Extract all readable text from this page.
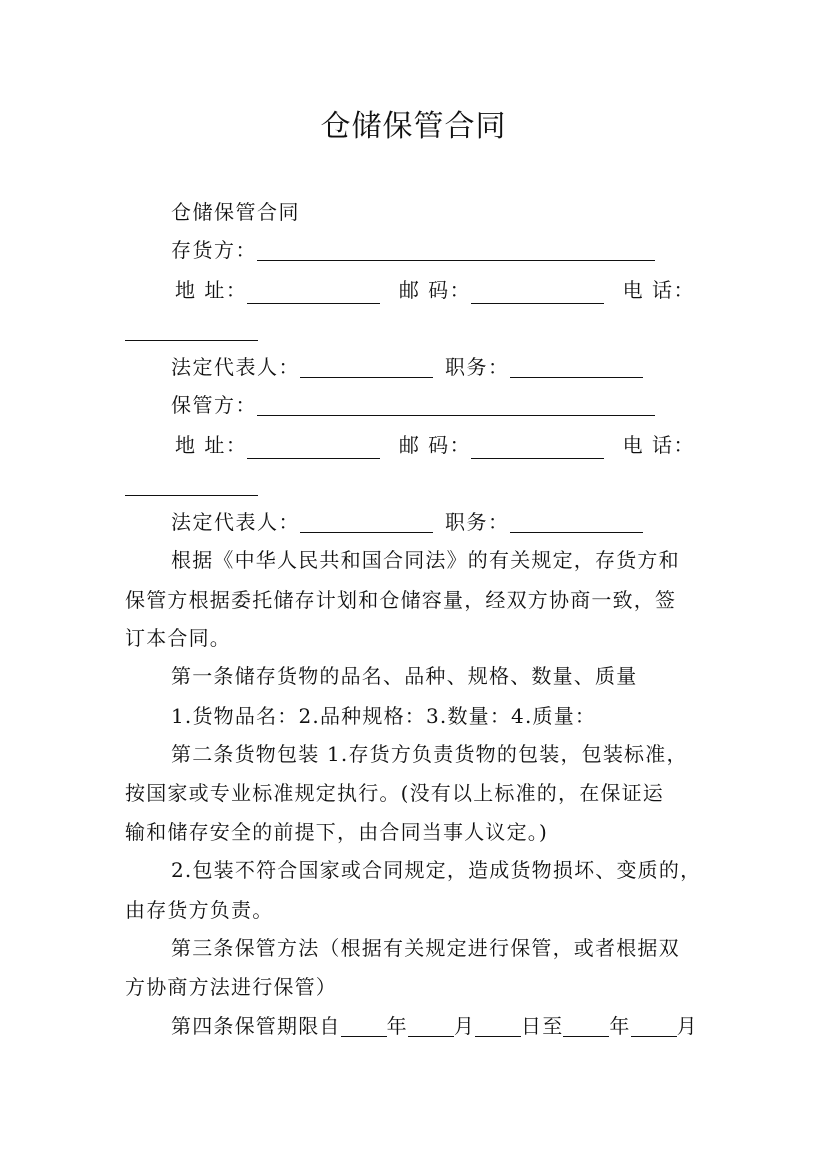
仓储保管合同
仓储保管合同
存货方：
地 址：	邮 码：	电 话：
法定代表人：	职务：
保管方：
地 址：	邮 码：	电 话：
法定代表人：	职务：
根据《中华人民共和国合同法》的有关规定，存货方和
保管方根据委托储存计划和仓储容量，经双方协商一致，签
订本合同。
第一条储存货物的品名、品种、规格、数量、质量
1.货物品名：2.品种规格：3.数量：4.质量：
第二条货物包装 1.存货方负责货物的包装，包装标准，
按国家或专业标准规定执行。(没有以上标准的，在保证运
输和储存安全的前提下，由合同当事人议定。)
2.包装不符合国家或合同规定，造成货物损坏、变质的，
由存货方负责。
第三条保管方法（根据有关规定进行保管，或者根据双
方协商方法进行保管）
第四条保管期限自 年 月 日至 年 月
